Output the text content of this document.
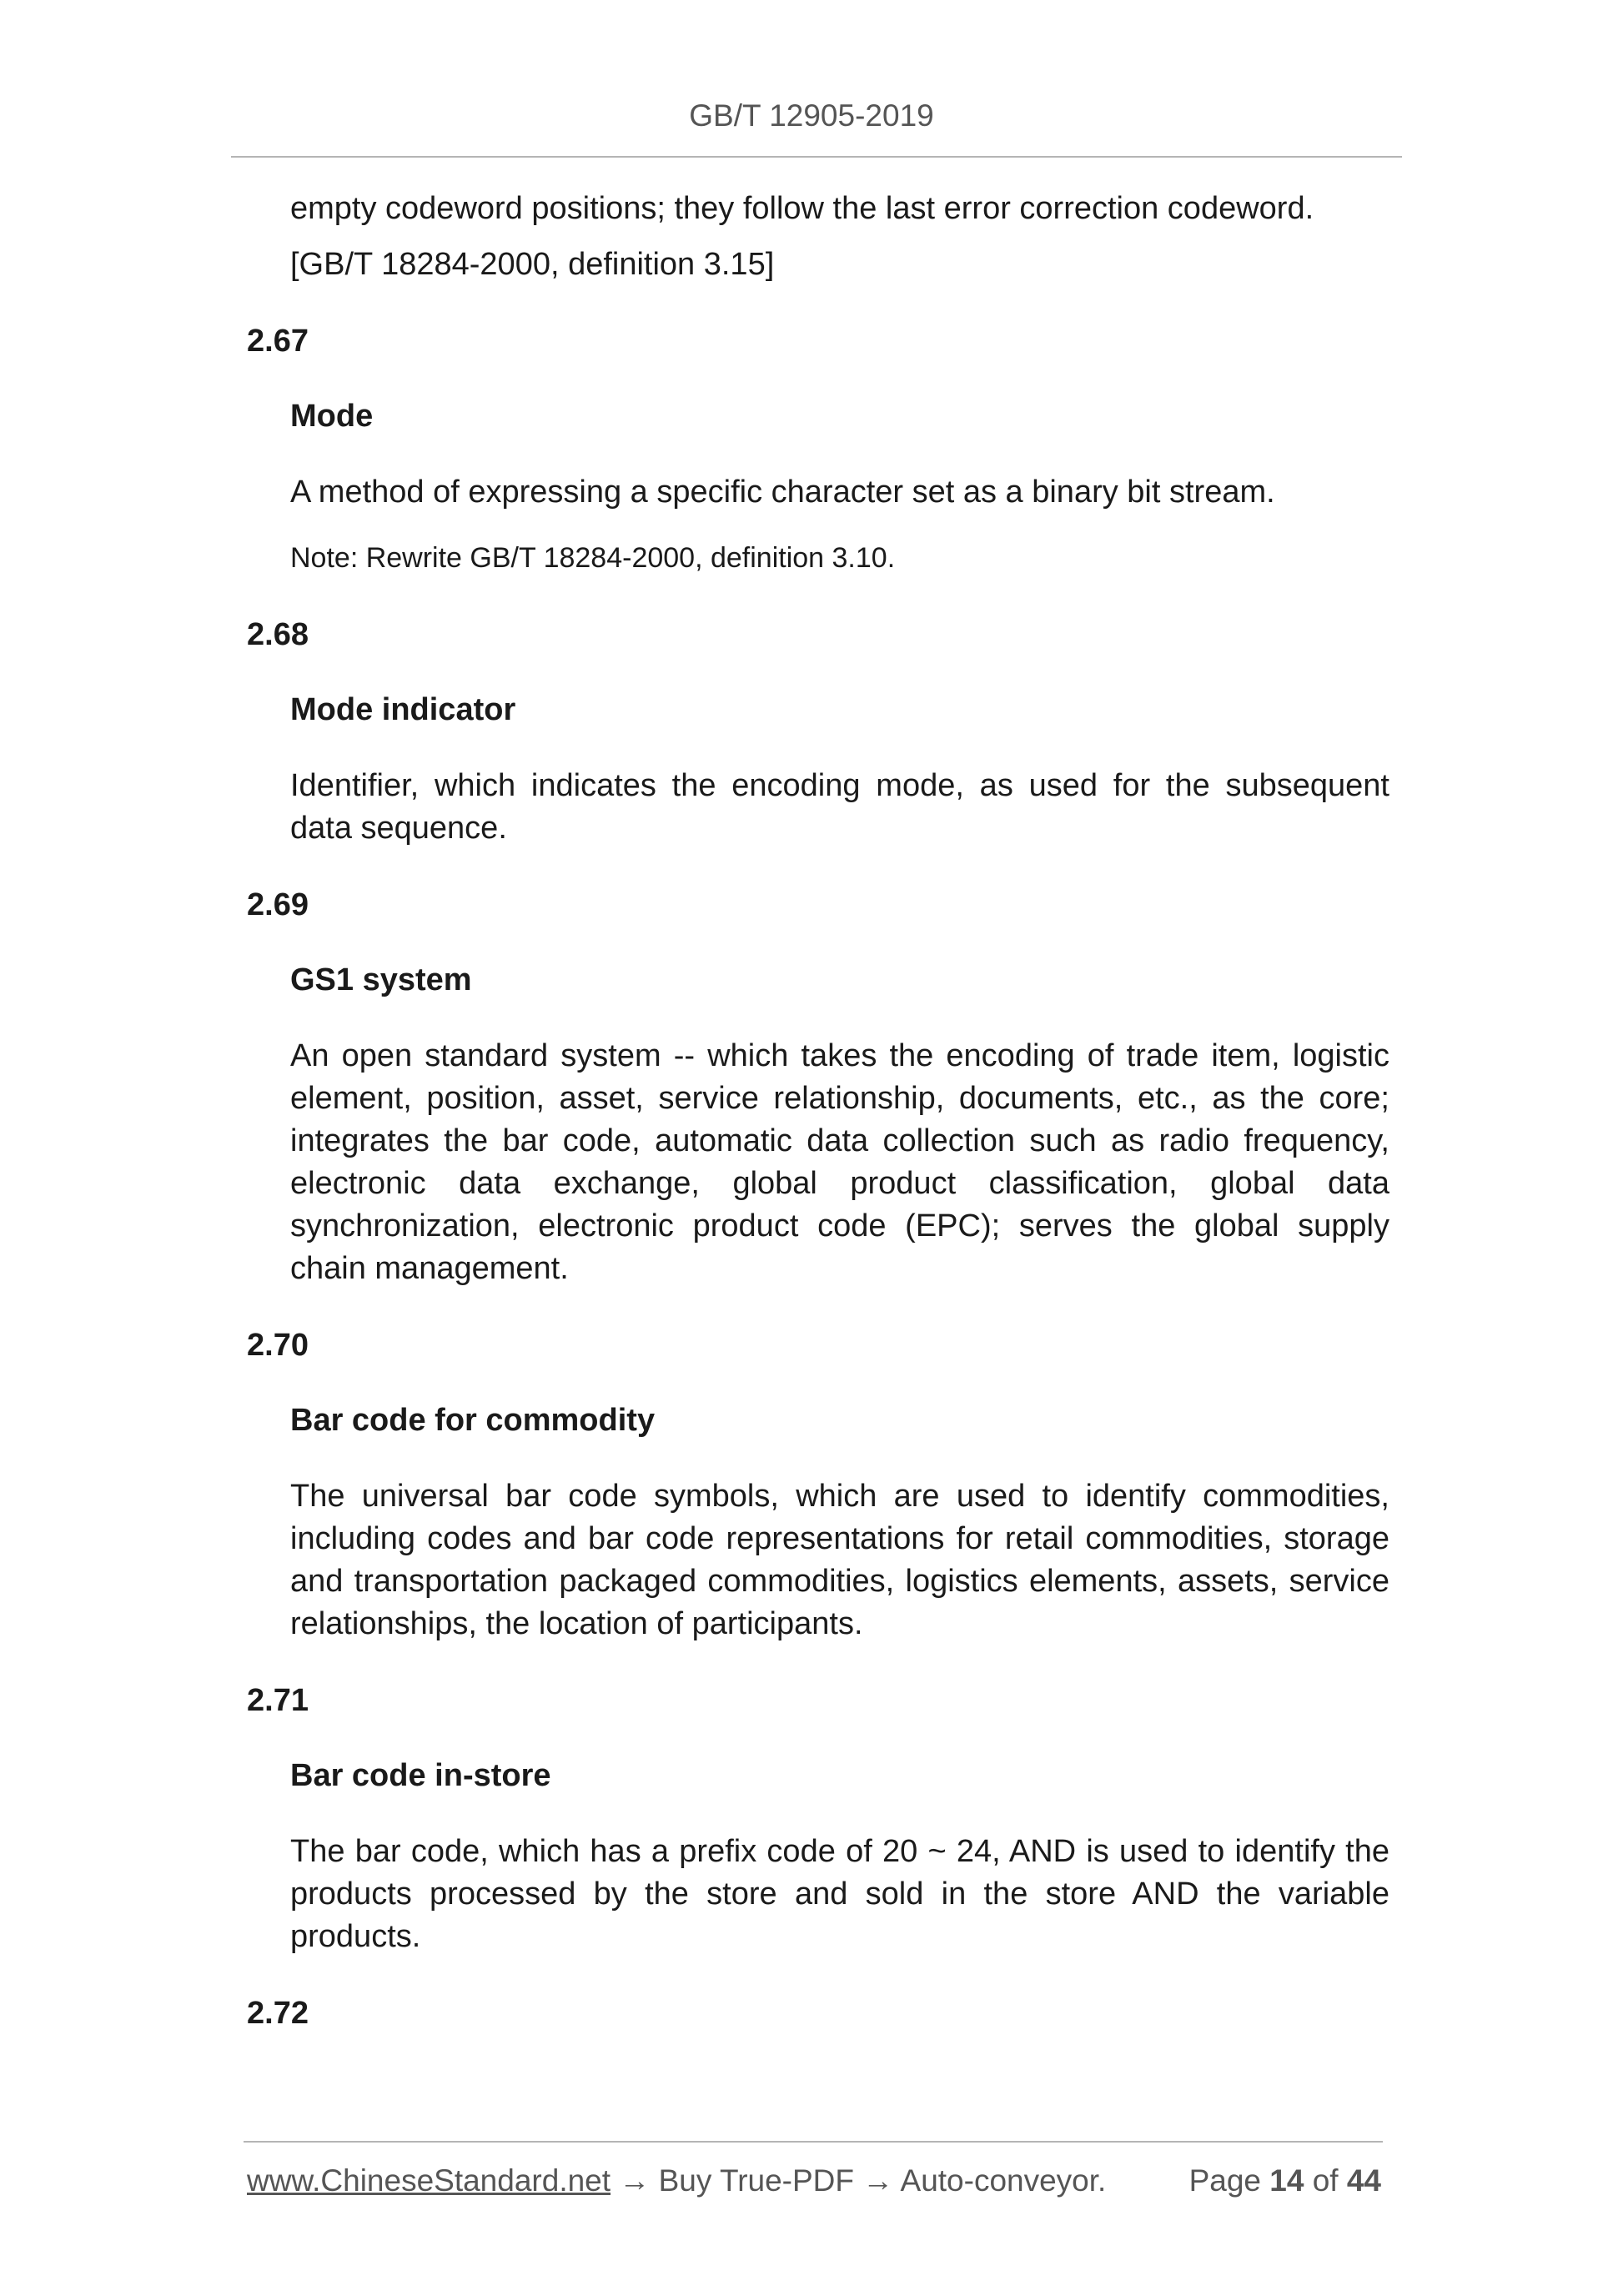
GB/T 12905-2019

empty codeword positions; they follow the last error correction codeword.

[GB/T 18284-2000, definition 3.15]

2.67

Mode

A method of expressing a specific character set as a binary bit stream.

Note: Rewrite GB/T 18284-2000, definition 3.10.

2.68

Mode indicator

Identifier, which indicates the encoding mode, as used for the subsequent data sequence.

2.69

GS1 system

An open standard system -- which takes the encoding of trade item, logistic element, position, asset, service relationship, documents, etc., as the core; integrates the bar code, automatic data collection such as radio frequency, electronic data exchange, global product classification, global data synchronization, electronic product code (EPC); serves the global supply chain management.

2.70

Bar code for commodity

The universal bar code symbols, which are used to identify commodities, including codes and bar code representations for retail commodities, storage and transportation packaged commodities, logistics elements, assets, service relationships, the location of participants.

2.71

Bar code in-store

The bar code, which has a prefix code of 20 ~ 24, AND is used to identify the products processed by the store and sold in the store AND the variable products.

2.72

www.ChineseStandard.net → Buy True-PDF → Auto-conveyor.	Page 14 of 44
